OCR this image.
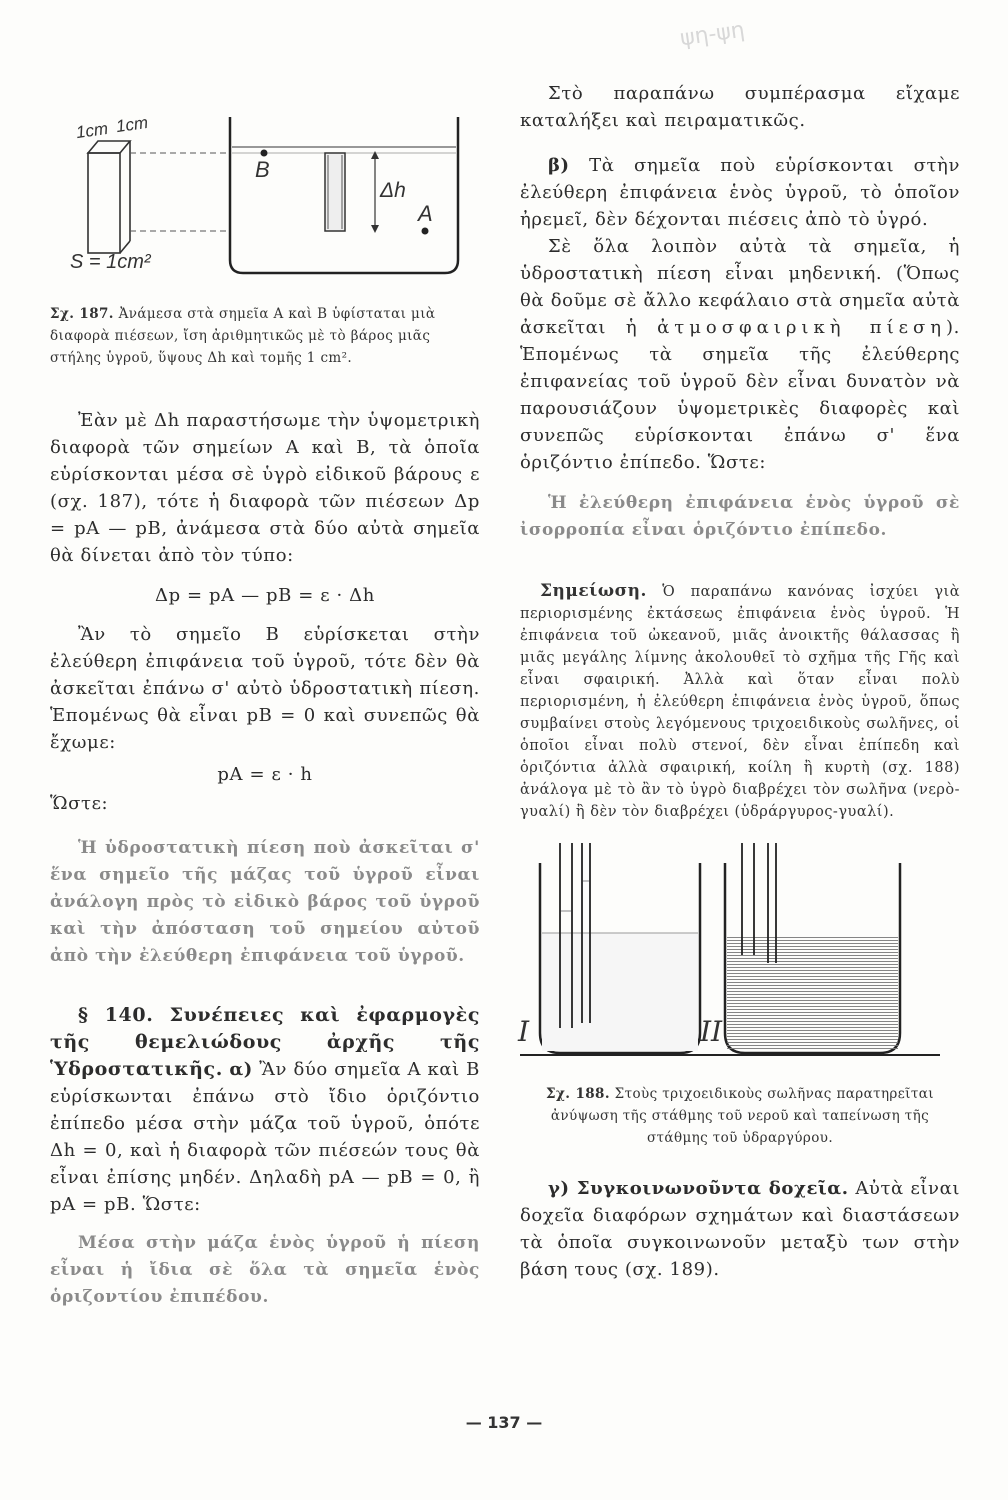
ψη-ψη
1cm 1cm
S = 1cm²
B
A
Δh
Σχ. 187. Ἀνάμεσα στὰ σημεῖα Α καὶ Β ὑφίσταται μιὰ διαφορὰ πιέσεων, ἴση ἀριθμητικῶς μὲ τὸ βάρος μιᾶς στήλης ὑγροῦ, ὕψους Δh καὶ τομῆς 1 cm².

Ἐὰν μὲ Δh παραστήσωμε τὴν ὑψομετρικὴ διαφορὰ τῶν σημείων Α καὶ Β, τὰ ὁποῖα εὑρίσκονται μέσα σὲ ὑγρὸ εἰδικοῦ βάρους ε (σχ. 187), τότε ἡ διαφορὰ τῶν πιέσεων Δp = pA — pB, ἀνάμεσα στὰ δύο αὐτὰ σημεῖα θὰ δίνεται ἀπὸ τὸν τύπο:

Δp = pA — pB = ε · Δh

Ἂν τὸ σημεῖο Β εὑρίσκεται στὴν ἐλεύθερη ἐπιφάνεια τοῦ ὑγροῦ, τότε δὲν θὰ ἀσκεῖται ἐπάνω σ' αὐτὸ ὑδροστατικὴ πίεση. Ἑπομένως θὰ εἶναι pB = 0 καὶ συνεπῶς θὰ ἔχωμε:

pA = ε · h

Ὥστε:

Ἡ ὑδροστατικὴ πίεση ποὺ ἀσκεῖται σ' ἕνα σημεῖο τῆς μάζας τοῦ ὑγροῦ εἶναι ἀνάλογη πρὸς τὸ εἰδικὸ βάρος τοῦ ὑγροῦ καὶ τὴν ἀπόσταση τοῦ σημείου αὐτοῦ ἀπὸ τὴν ἐλεύθερη ἐπιφάνεια τοῦ ὑγροῦ.

§ 140. Συνέπειες καὶ ἐφαρμογὲς τῆς θεμελιώδους ἀρχῆς τῆς Ὑδροστατικῆς. α) Ἂν δύο σημεῖα Α καὶ Β εὑρίσκωνται ἐπάνω στὸ ἴδιο ὁριζόντιο ἐπίπεδο μέσα στὴν μάζα τοῦ ὑγροῦ, ὁπότε Δh = 0, καὶ ἡ διαφορὰ τῶν πιέσεών τους θὰ εἶναι ἐπίσης μηδέν. Δηλαδὴ pA — pB = 0, ἢ pA = pB. Ὥστε:

Μέσα στὴν μάζα ἑνὸς ὑγροῦ ἡ πίεση εἶναι ἡ ἴδια σὲ ὅλα τὰ σημεῖα ἑνὸς ὁριζοντίου ἐπιπέδου.

Στὸ παραπάνω συμπέρασμα εἴχαμε καταλήξει καὶ πειραματικῶς.

β) Τὰ σημεῖα ποὺ εὑρίσκονται στὴν ἐλεύθερη ἐπιφάνεια ἑνὸς ὑγροῦ, τὸ ὁποῖον ἠρεμεῖ, δὲν δέχονται πιέσεις ἀπὸ τὸ ὑγρό.

Σὲ ὅλα λοιπὸν αὐτὰ τὰ σημεῖα, ἡ ὑδροστατικὴ πίεση εἶναι μηδενική. (Ὅπως θὰ δοῦμε σὲ ἄλλο κεφάλαιο στὰ σημεῖα αὐτὰ ἀσκεῖται ἡ ἀτμοσφαιρικὴ πίεση). Ἑπομένως τὰ σημεῖα τῆς ἐλεύθερης ἐπιφανείας τοῦ ὑγροῦ δὲν εἶναι δυνατὸν νὰ παρουσιάζουν ὑψομετρικὲς διαφορὲς καὶ συνεπῶς εὑρίσκονται ἐπάνω σ' ἕνα ὁριζόντιο ἐπίπεδο. Ὥστε:

Ἡ ἐλεύθερη ἐπιφάνεια ἑνὸς ὑγροῦ σὲ ἰσορροπία εἶναι ὁριζόντιο ἐπίπεδο.

Σημείωση. Ὁ παραπάνω κανόνας ἰσχύει γιὰ περιορισμένης ἐκτάσεως ἐπιφάνεια ἑνὸς ὑγροῦ. Ἡ ἐπιφάνεια τοῦ ὠκεανοῦ, μιᾶς ἀνοικτῆς θάλασσας ἢ μιᾶς μεγάλης λίμνης ἀκολουθεῖ τὸ σχῆμα τῆς Γῆς καὶ εἶναι σφαιρική. Ἀλλὰ καὶ ὅταν εἶναι πολὺ περιορισμένη, ἡ ἐλεύθερη ἐπιφάνεια ἑνὸς ὑγροῦ, ὅπως συμβαίνει στοὺς λεγόμενους τριχοειδικοὺς σωλῆνες, οἱ ὁποῖοι εἶναι πολὺ στενοί, δὲν εἶναι ἐπίπεδη καὶ ὁριζόντια ἀλλὰ σφαιρική, κοίλη ἢ κυρτὴ (σχ. 188) ἀνάλογα μὲ τὸ ἂν τὸ ὑγρὸ διαβρέχει τὸν σωλῆνα (νερὸ-γυαλί) ἢ δὲν τὸν διαβρέχει (ὑδράργυρος-γυαλί).

I	II
Σχ. 188. Στοὺς τριχοειδικοὺς σωλῆνας παρατηρεῖται ἀνύψωση τῆς στάθμης τοῦ νεροῦ καὶ ταπείνωση τῆς στάθμης τοῦ ὑδραργύρου.

γ) Συγκοινωνοῦντα δοχεῖα. Αὐτὰ εἶναι δοχεῖα διαφόρων σχημάτων καὶ διαστάσεων τὰ ὁποῖα συγκοινωνοῦν μεταξὺ των στὴν βάση τους (σχ. 189).

— 137 —
